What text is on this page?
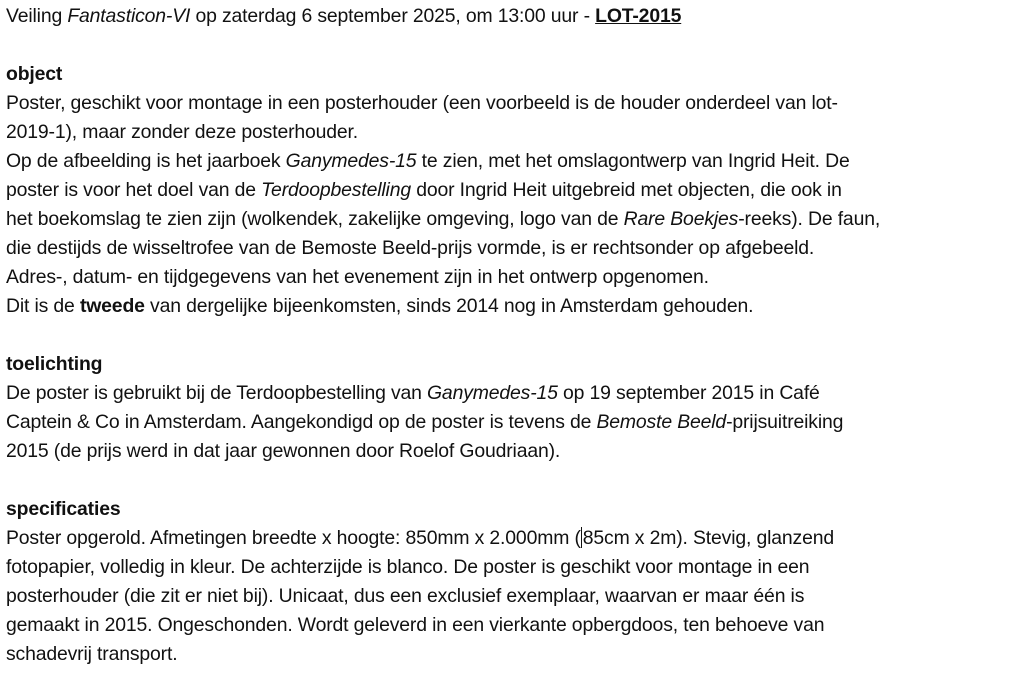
Veiling Fantasticon-VI op zaterdag 6 september 2025, om 13:00 uur - LOT-2015
object
Poster, geschikt voor montage in een posterhouder (een voorbeeld is de houder onderdeel van lot-
2019-1), maar zonder deze posterhouder.
Op de afbeelding is het jaarboek Ganymedes-15 te zien, met het omslagontwerp van Ingrid Heit. De
poster is voor het doel van de Terdoopbestelling door Ingrid Heit uitgebreid met objecten, die ook in
het boekomslag te zien zijn (wolkendek, zakelijke omgeving, logo van de Rare Boekjes-reeks). De faun,
die destijds de wisseltrofee van de Bemoste Beeld-prijs vormde, is er rechtsonder op afgebeeld.
Adres-, datum- en tijdgegevens van het evenement zijn in het ontwerp opgenomen.
Dit is de tweede van dergelijke bijeenkomsten, sinds 2014 nog in Amsterdam gehouden.
toelichting
De poster is gebruikt bij de Terdoopbestelling van Ganymedes-15 op 19 september 2015 in Café
Captein & Co in Amsterdam. Aangekondigd op de poster is tevens de Bemoste Beeld-prijsuitreiking
2015 (de prijs werd in dat jaar gewonnen door Roelof Goudriaan).
specificaties
Poster opgerold. Afmetingen breedte x hoogte: 850mm x 2.000mm ( 85cm x 2m). Stevig, glanzend
fotopapier, volledig in kleur. De achterzijde is blanco. De poster is geschikt voor montage in een
posterhouder (die zit er niet bij). Unicaat, dus een exclusief exemplaar, waarvan er maar één is
gemaakt in 2015. Ongeschonden. Wordt geleverd in een vierkante opbergdoos, ten behoeve van
schadevrij transport.
